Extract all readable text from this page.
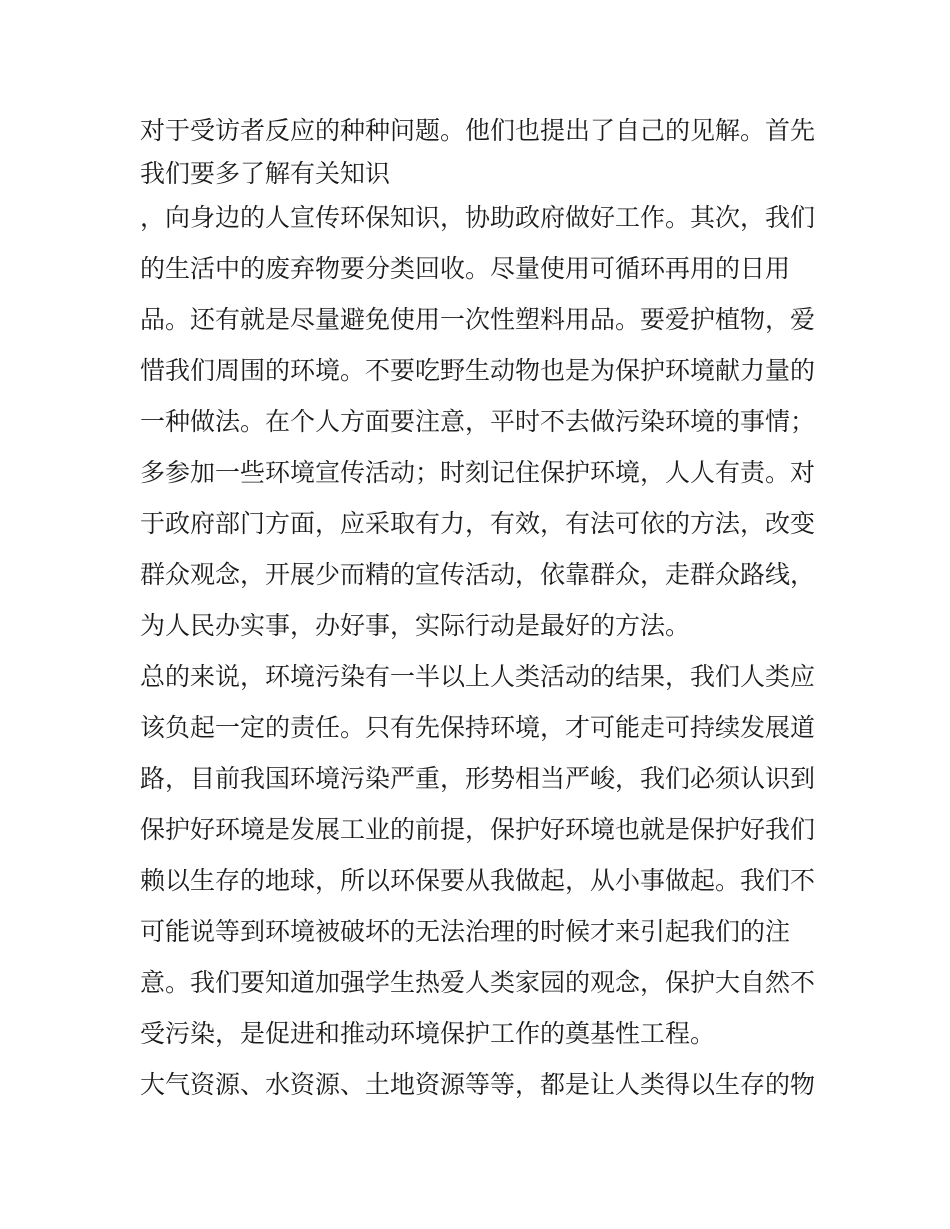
对于受访者反应的种种问题。他们也提出了自己的见解。首先
我们要多了解有关知识
，向身边的人宣传环保知识，协助政府做好工作。其次，我们
的生活中的废弃物要分类回收。尽量使用可循环再用的日用
品。还有就是尽量避免使用一次性塑料用品。要爱护植物，爱
惜我们周围的环境。不要吃野生动物也是为保护环境献力量的
一种做法。在个人方面要注意，平时不去做污染环境的事情；
多参加一些环境宣传活动；时刻记住保护环境，人人有责。对
于政府部门方面，应采取有力，有效，有法可依的方法，改变
群众观念，开展少而精的宣传活动，依靠群众，走群众路线，
为人民办实事，办好事，实际行动是最好的方法。
总的来说，环境污染有一半以上人类活动的结果，我们人类应
该负起一定的责任。只有先保持环境，才可能走可持续发展道
路，目前我国环境污染严重，形势相当严峻，我们必须认识到
保护好环境是发展工业的前提，保护好环境也就是保护好我们
赖以生存的地球，所以环保要从我做起，从小事做起。我们不
可能说等到环境被破坏的无法治理的时候才来引起我们的注
意。我们要知道加强学生热爱人类家园的观念，保护大自然不
受污染，是促进和推动环境保护工作的奠基性工程。
大气资源、水资源、土地资源等等，都是让人类得以生存的物
